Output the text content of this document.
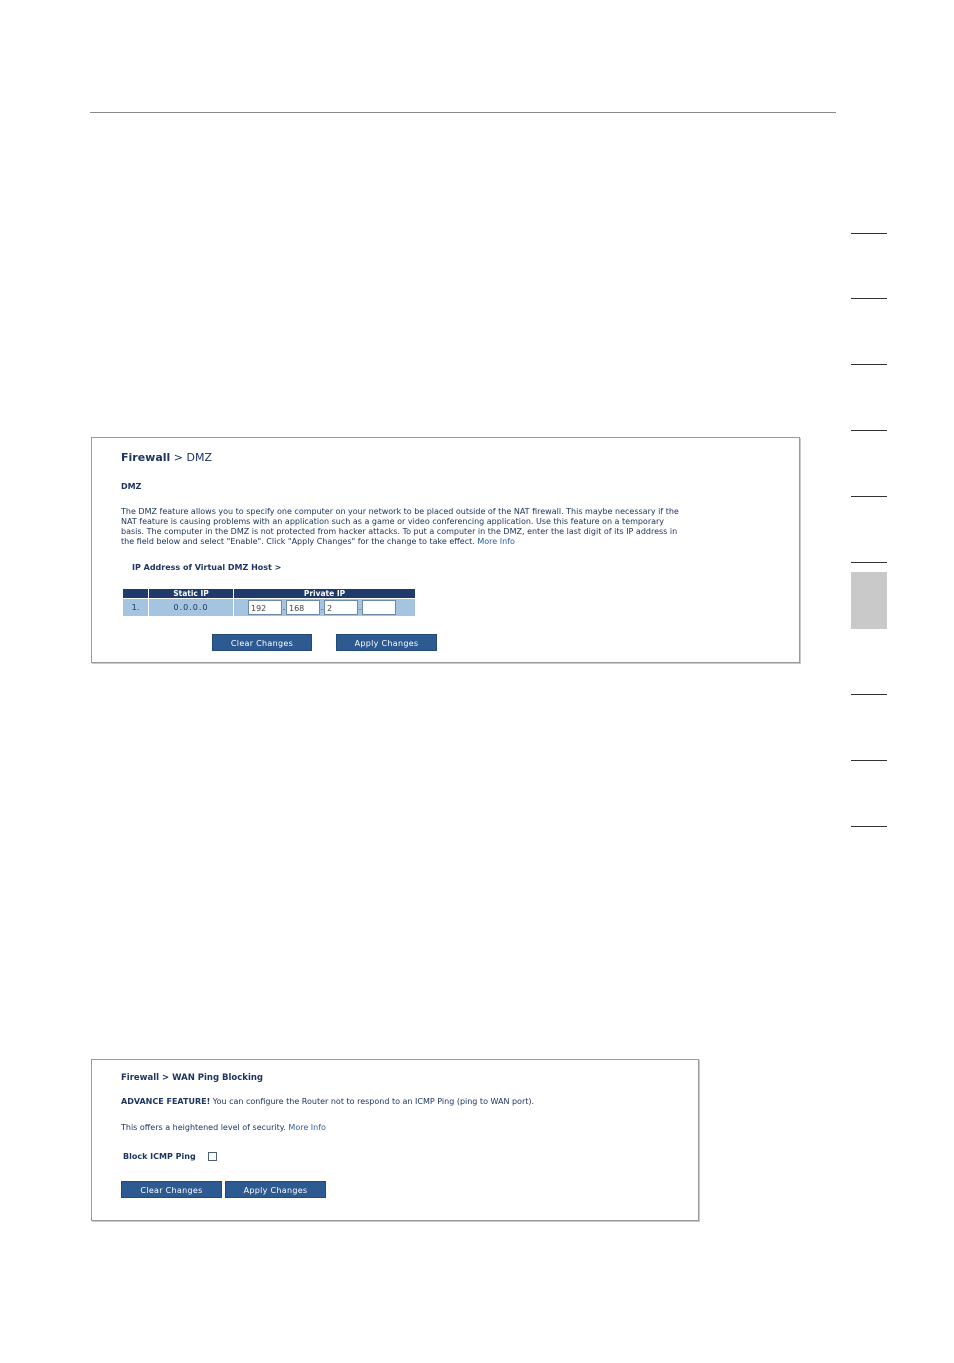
Firewall > DMZ
DMZ
The DMZ feature allows you to specify one computer on your network to be placed outside of the NAT firewall. This maybe necessary if the
NAT feature is causing problems with an application such as a game or video conferencing application. Use this feature on a temporary
basis. The computer in the DMZ is not protected from hacker attacks. To put a computer in the DMZ, enter the last digit of its IP address in
the field below and select "Enable". Click "Apply Changes" for the change to take effect. More Info
IP Address of Virtual DMZ Host >
	Static IP	Private IP
1.	0.0.0.0	192 . 168 . 2 .
Clear Changes	Apply Changes
Firewall > WAN Ping Blocking
ADVANCE FEATURE! You can configure the Router not to respond to an ICMP Ping (ping to WAN port).
This offers a heightened level of security. More Info
Block ICMP Ping
Clear Changes	Apply Changes
